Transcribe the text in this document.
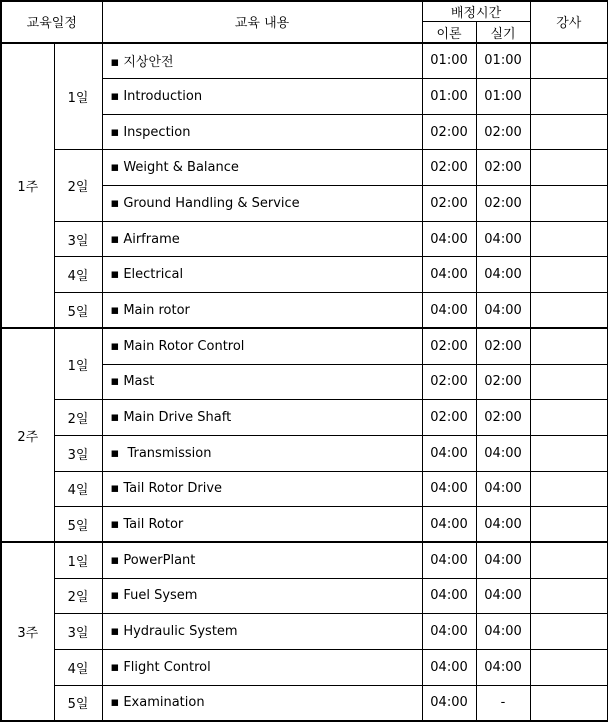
교육일정		교육 내용	배정시간		강사
			이론	실기	
1주	1일	▪ 지상안전	01:00	01:00	
		▪ Introduction	01:00	01:00	
		▪ Inspection	02:00	02:00	
	2일	▪ Weight & Balance	02:00	02:00	
		▪ Ground Handling & Service	02:00	02:00	
	3일	▪ Airframe	04:00	04:00	
	4일	▪ Electrical	04:00	04:00	
	5일	▪ Main rotor	04:00	04:00	
2주	1일	▪ Main Rotor Control	02:00	02:00	
		▪ Mast	02:00	02:00	
	2일	▪ Main Drive Shaft	02:00	02:00	
	3일	▪ Transmission	04:00	04:00	
	4일	▪ Tail Rotor Drive	04:00	04:00	
	5일	▪ Tail Rotor	04:00	04:00	
3주	1일	▪ PowerPlant	04:00	04:00	
	2일	▪ Fuel Sysem	04:00	04:00	
	3일	▪ Hydraulic System	04:00	04:00	
	4일	▪ Flight Control	04:00	04:00	
	5일	▪ Examination	04:00	-	
